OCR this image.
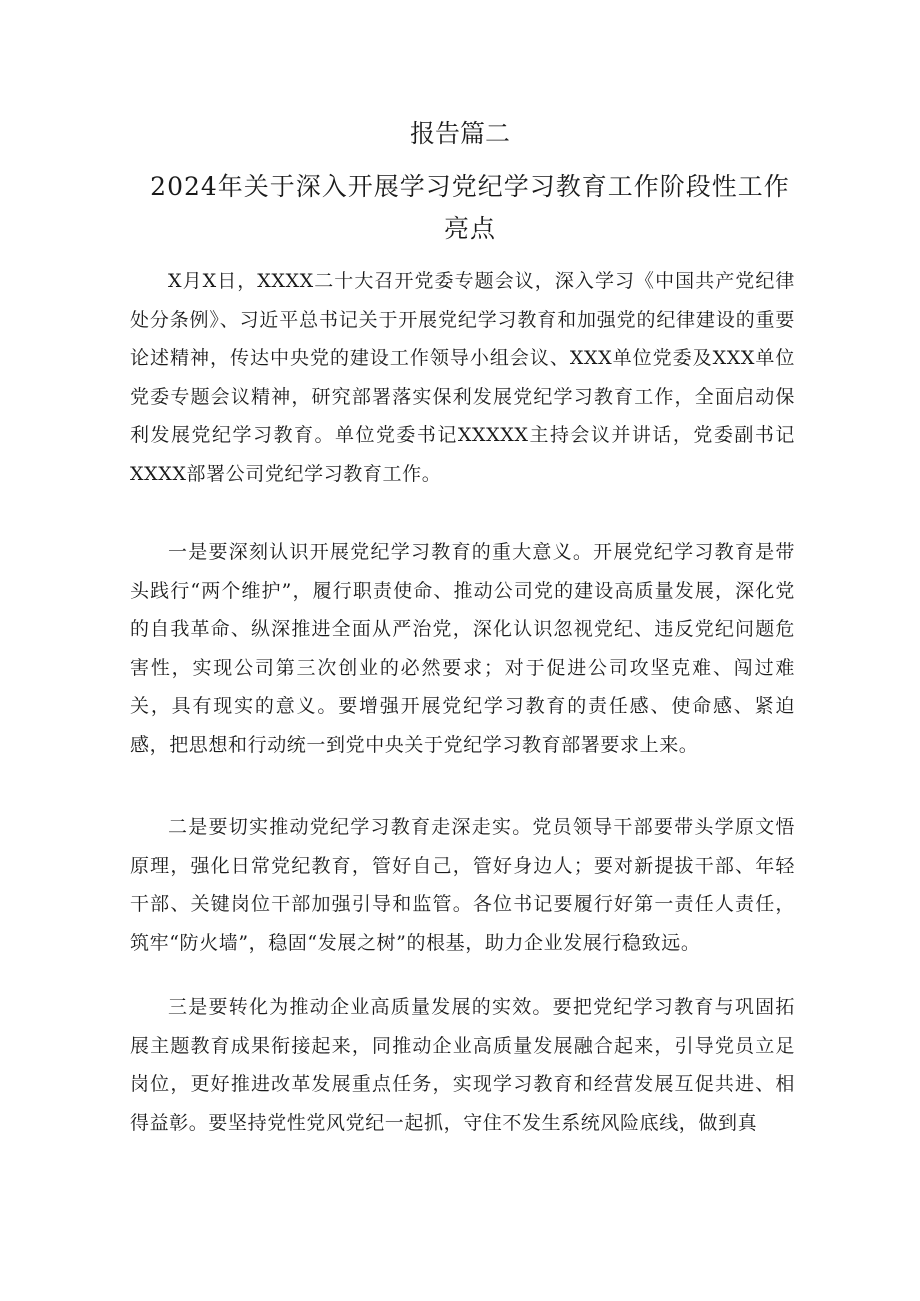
报告篇二
2024年关于深入开展学习党纪学习教育工作阶段性工作亮点

X月X日，XXXX二十大召开党委专题会议，深入学习《中国共产党纪律处分条例》、习近平总书记关于开展党纪学习教育和加强党的纪律建设的重要论述精神，传达中央党的建设工作领导小组会议、XXX单位党委及XXX单位党委专题会议精神，研究部署落实保利发展党纪学习教育工作，全面启动保利发展党纪学习教育。单位党委书记XXXXX主持会议并讲话，党委副书记XXXX部署公司党纪学习教育工作。

一是要深刻认识开展党纪学习教育的重大意义。开展党纪学习教育是带头践行“两个维护”，履行职责使命、推动公司党的建设高质量发展，深化党的自我革命、纵深推进全面从严治党，深化认识忽视党纪、违反党纪问题危害性，实现公司第三次创业的必然要求；对于促进公司攻坚克难、闯过难关，具有现实的意义。要增强开展党纪学习教育的责任感、使命感、紧迫感，把思想和行动统一到党中央关于党纪学习教育部署要求上来。

二是要切实推动党纪学习教育走深走实。党员领导干部要带头学原文悟原理，强化日常党纪教育，管好自己，管好身边人；要对新提拔干部、年轻干部、关键岗位干部加强引导和监管。各位书记要履行好第一责任人责任，筑牢“防火墙”，稳固“发展之树”的根基，助力企业发展行稳致远。

三是要转化为推动企业高质量发展的实效。要把党纪学习教育与巩固拓展主题教育成果衔接起来，同推动企业高质量发展融合起来，引导党员立足岗位，更好推进改革发展重点任务，实现学习教育和经营发展互促共进、相得益彰。要坚持党性党风党纪一起抓，守住不发生系统风险底线，做到真
